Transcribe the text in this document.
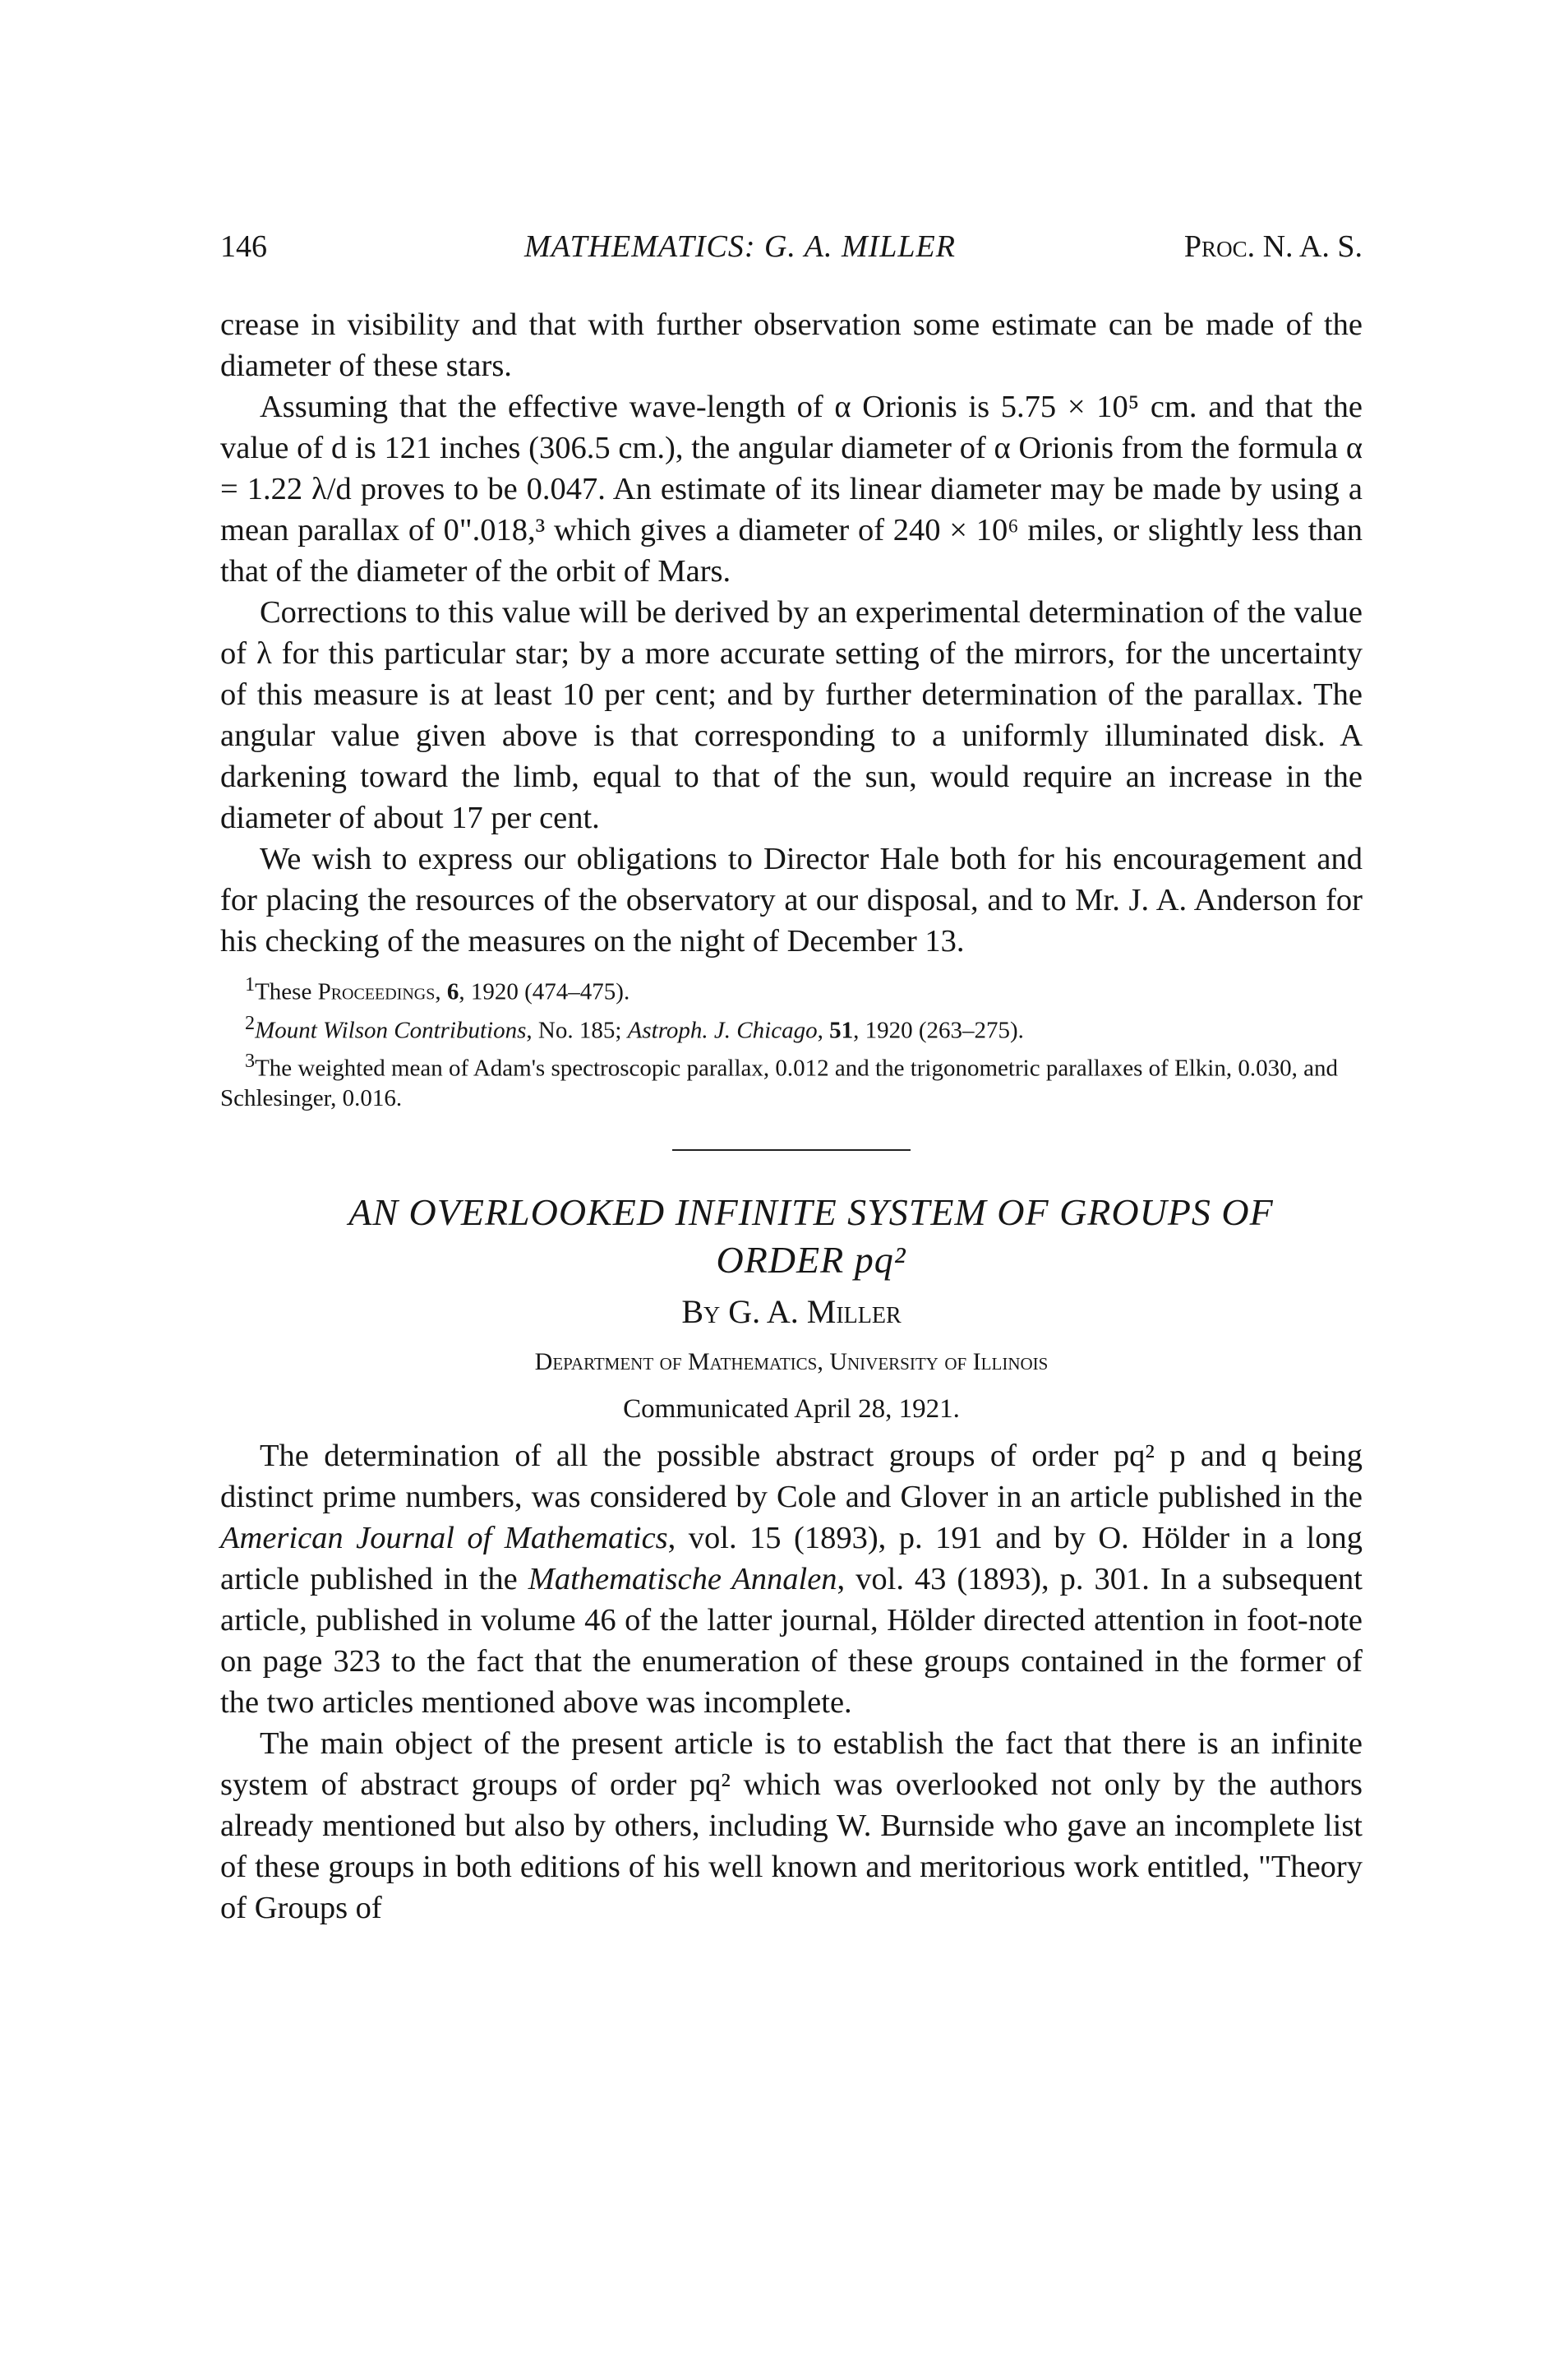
146	MATHEMATICS: G. A. MILLER	Proc. N. A. S.

crease in visibility and that with further observation some estimate can be made of the diameter of these stars.

Assuming that the effective wave-length of α Orionis is 5.75 × 10⁵ cm. and that the value of d is 121 inches (306.5 cm.), the angular diameter of α Orionis from the formula α = 1.22 λ/d proves to be 0.047. An estimate of its linear diameter may be made by using a mean parallax of 0".018,³ which gives a diameter of 240 × 10⁶ miles, or slightly less than that of the diameter of the orbit of Mars.

Corrections to this value will be derived by an experimental determination of the value of λ for this particular star; by a more accurate setting of the mirrors, for the uncertainty of this measure is at least 10 per cent; and by further determination of the parallax. The angular value given above is that corresponding to a uniformly illuminated disk. A darkening toward the limb, equal to that of the sun, would require an increase in the diameter of about 17 per cent.

We wish to express our obligations to Director Hale both for his encouragement and for placing the resources of the observatory at our disposal, and to Mr. J. A. Anderson for his checking of the measures on the night of December 13.

$^1$These Proceedings, 6, 1920 (474–475).

$^2$Mount Wilson Contributions, No. 185; Astroph. J. Chicago, 51, 1920 (263–275).

$^3$The weighted mean of Adam's spectroscopic parallax, 0.012 and the trigonometric parallaxes of Elkin, 0.030, and Schlesinger, 0.016.

AN OVERLOOKED INFINITE SYSTEM OF GROUPS OF

ORDER pq²

By G. A. Miller
Department of Mathematics, University of Illinois
Communicated April 28, 1921.

The determination of all the possible abstract groups of order pq² p and q being distinct prime numbers, was considered by Cole and Glover in an article published in the American Journal of Mathematics, vol. 15 (1893), p. 191 and by O. Hölder in a long article published in the Mathematische Annalen, vol. 43 (1893), p. 301. In a subsequent article, published in volume 46 of the latter journal, Hölder directed attention in foot-note on page 323 to the fact that the enumeration of these groups contained in the former of the two articles mentioned above was incomplete.

The main object of the present article is to establish the fact that there is an infinite system of abstract groups of order pq² which was overlooked not only by the authors already mentioned but also by others, including W. Burnside who gave an incomplete list of these groups in both editions of his well known and meritorious work entitled, "Theory of Groups of
